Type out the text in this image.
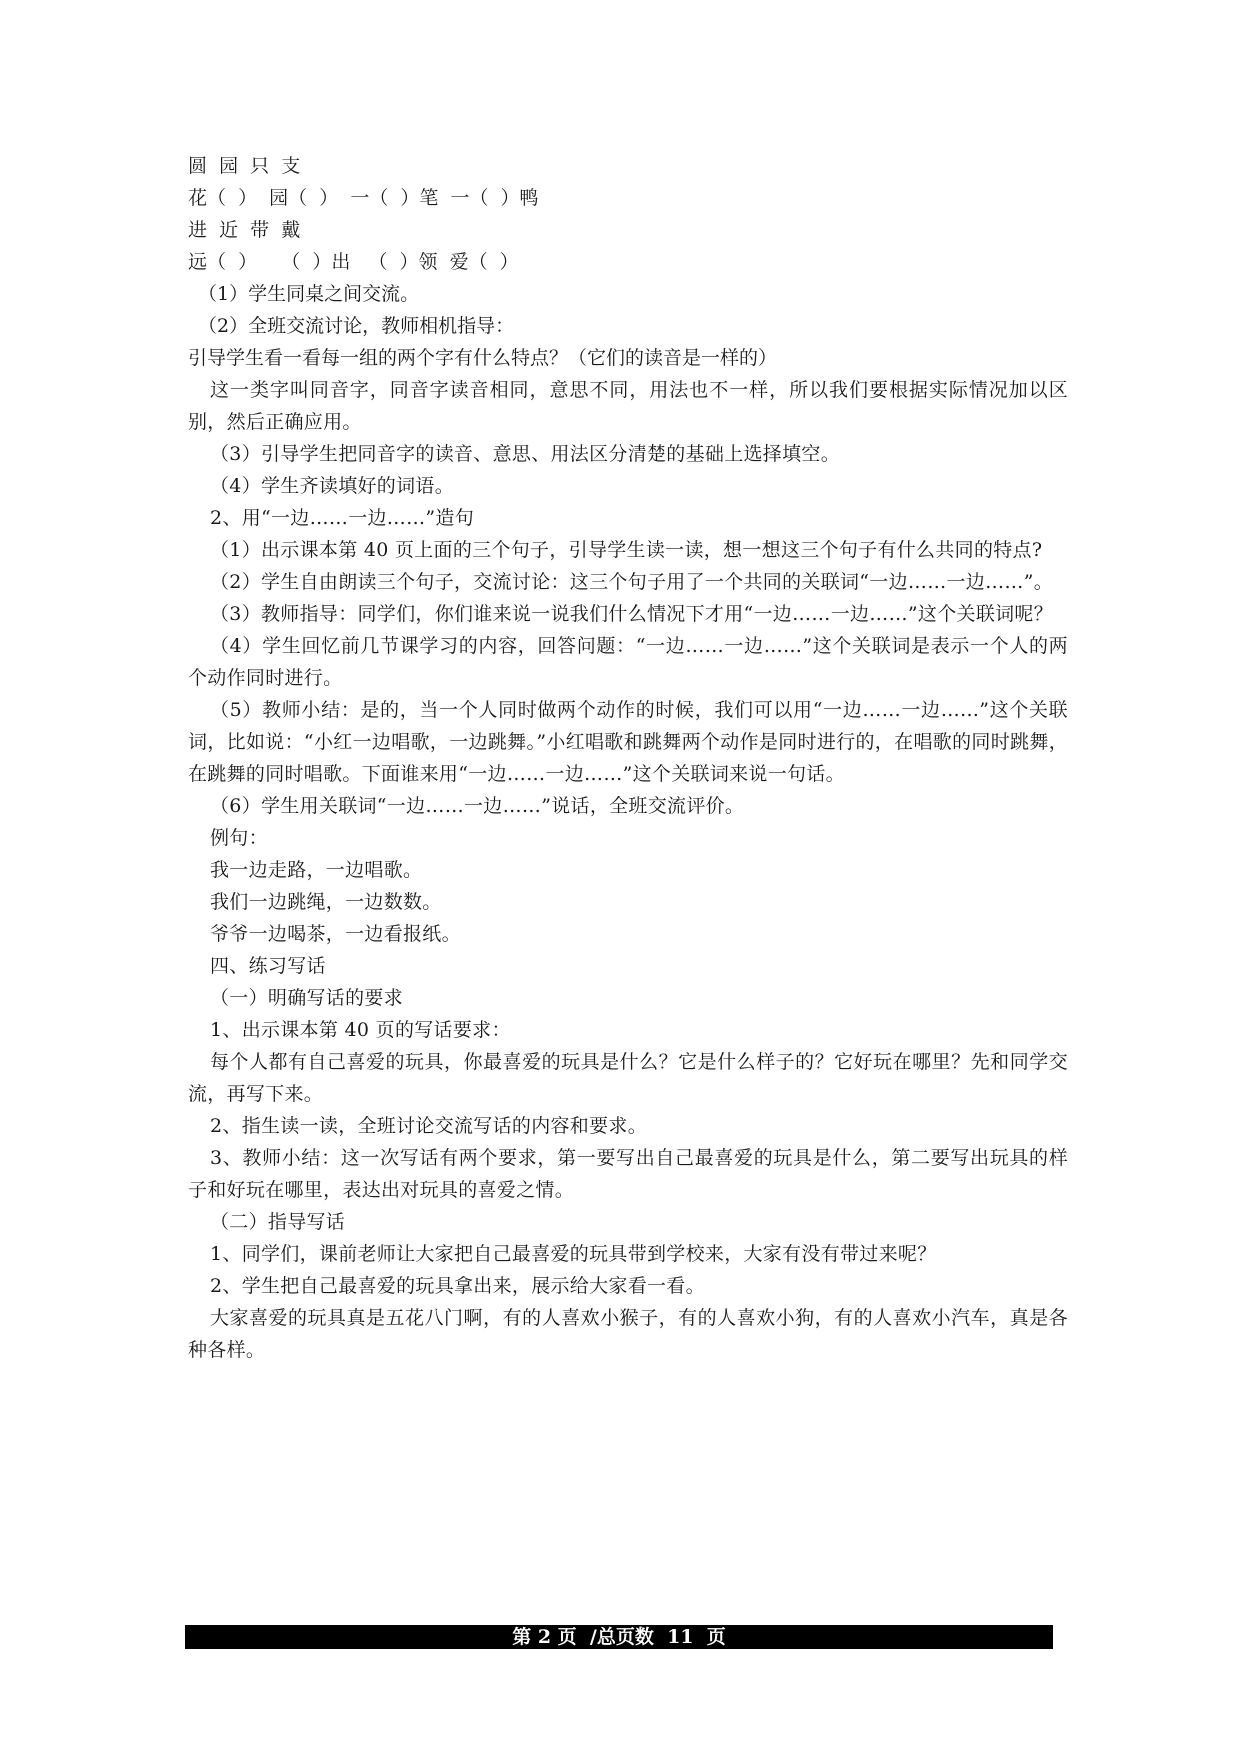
圆  园  只  支

花（  ）  园（  ）  一（  ）笔  一（  ）鸭

进  近  带  戴

远（  ）    （  ）出   （  ）领  爱（  ）

（1）学生同桌之间交流。

（2）全班交流讨论，教师相机指导：

引导学生看一看每一组的两个字有什么特点？（它们的读音是一样的）

这一类字叫同音字，同音字读音相同，意思不同，用法也不一样，所以我们要根据实际情况加以区别，然后正确应用。

（3）引导学生把同音字的读音、意思、用法区分清楚的基础上选择填空。

（4）学生齐读填好的词语。

2、用“一边……一边……”造句

（1）出示课本第 40 页上面的三个句子，引导学生读一读，想一想这三个句子有什么共同的特点?

（2）学生自由朗读三个句子，交流讨论：这三个句子用了一个共同的关联词“一边……一边……”。

（3）教师指导：同学们，你们谁来说一说我们什么情况下才用“一边……一边……”这个关联词呢？

（4）学生回忆前几节课学习的内容，回答问题：“一边……一边……”这个关联词是表示一个人的两个动作同时进行。

（5）教师小结：是的，当一个人同时做两个动作的时候，我们可以用“一边……一边……”这个关联词，比如说：“小红一边唱歌，一边跳舞。”小红唱歌和跳舞两个动作是同时进行的，在唱歌的同时跳舞，在跳舞的同时唱歌。下面谁来用“一边……一边……”这个关联词来说一句话。

（6）学生用关联词“一边……一边……”说话，全班交流评价。

例句：

我一边走路，一边唱歌。

我们一边跳绳，一边数数。

爷爷一边喝茶，一边看报纸。

四、练习写话

（一）明确写话的要求

1、出示课本第 40 页的写话要求：

每个人都有自己喜爱的玩具，你最喜爱的玩具是什么？它是什么样子的？它好玩在哪里？先和同学交流，再写下来。

2、指生读一读，全班讨论交流写话的内容和要求。

3、教师小结：这一次写话有两个要求，第一要写出自己最喜爱的玩具是什么，第二要写出玩具的样子和好玩在哪里，表达出对玩具的喜爱之情。

（二）指导写话

1、同学们，课前老师让大家把自己最喜爱的玩具带到学校来，大家有没有带过来呢？

2、学生把自己最喜爱的玩具拿出来，展示给大家看一看。

大家喜爱的玩具真是五花八门啊，有的人喜欢小猴子，有的人喜欢小狗，有的人喜欢小汽车，真是各种各样。

第 2 页  /总页数  11  页
